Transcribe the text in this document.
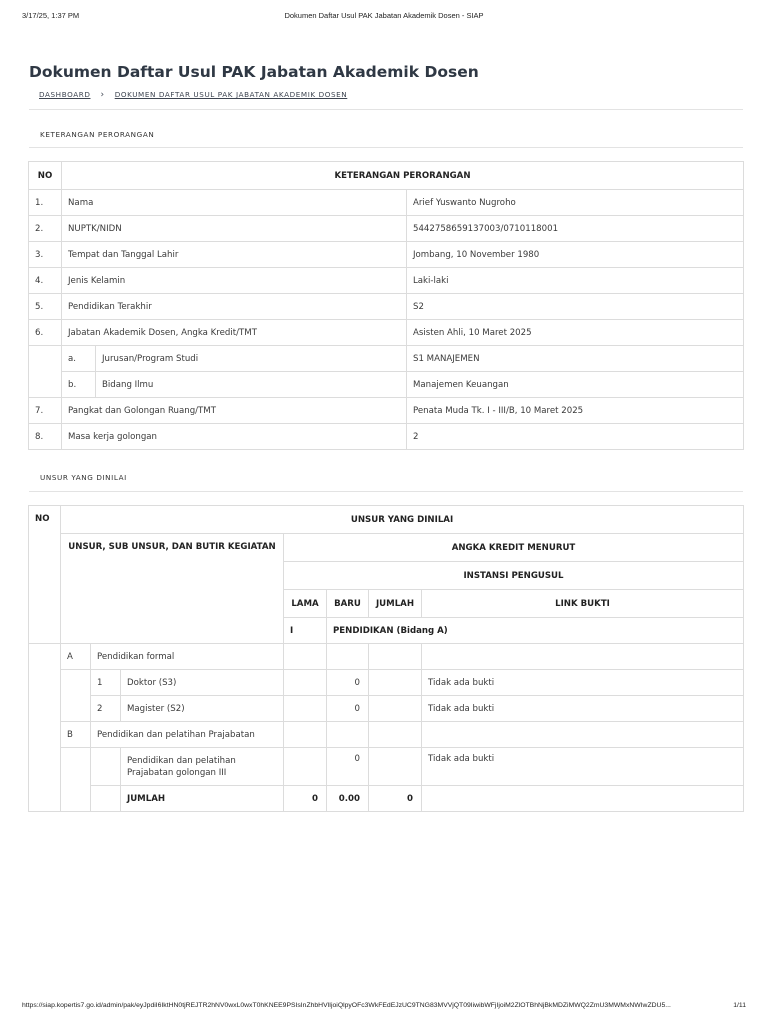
3/17/25, 1:37 PM	Dokumen Daftar Usul PAK Jabatan Akademik Dosen - SIAP
Dokumen Daftar Usul PAK Jabatan Akademik Dosen
DASHBOARD › DOKUMEN DAFTAR USUL PAK JABATAN AKADEMIK DOSEN
KETERANGAN PERORANGAN
NO	KETERANGAN PERORANGAN		
1.	Nama		Arief Yuswanto Nugroho
2.	NUPTK/NIDN		5442758659137003/0710118001
3.	Tempat dan Tanggal Lahir		Jombang, 10 November 1980
4.	Jenis Kelamin		Laki-laki
5.	Pendidikan Terakhir		S2
6.	Jabatan Akademik Dosen, Angka Kredit/TMT		Asisten Ahli, 10 Maret 2025
	a.	Jurusan/Program Studi	S1 MANAJEMEN
	b.	Bidang Ilmu	Manajemen Keuangan
7.	Pangkat dan Golongan Ruang/TMT		Penata Muda Tk. I - III/B, 10 Maret 2025
8.	Masa kerja golongan		2
UNSUR YANG DINILAI
NO	UNSUR YANG DINILAI							
	UNSUR, SUB UNSUR, DAN BUTIR KEGIATAN			ANGKA KREDIT MENURUT				
				INSTANSI PENGUSUL				
				LAMA	BARU	JUMLAH	LINK BUKTI	
				I	PENDIDIKAN (Bidang A)				
	A	Pendidikan formal						
		1	Doktor (S3)		0		Tidak ada bukti	
		2	Magister (S2)		0		Tidak ada bukti	
	B	Pendidikan dan pelatihan Prajabatan						
			Pendidikan dan pelatihan Prajabatan golongan III		0		Tidak ada bukti	
			JUMLAH	0	0.00	0		
https://siap.kopertis7.go.id/admin/pak/eyJpdiI6IktHN0tjREJTR2hNV0wxL0wxT0hKNEE9PSIsInZhbHVlIjoiQlpyOFc3WkFEdEJzUC9TNG83MVVjQT09IiwibWFjIjoiM2ZlOTBhNjBkMDZiMWQ2ZmU3MWMxNWIwZDU5...	1/11
